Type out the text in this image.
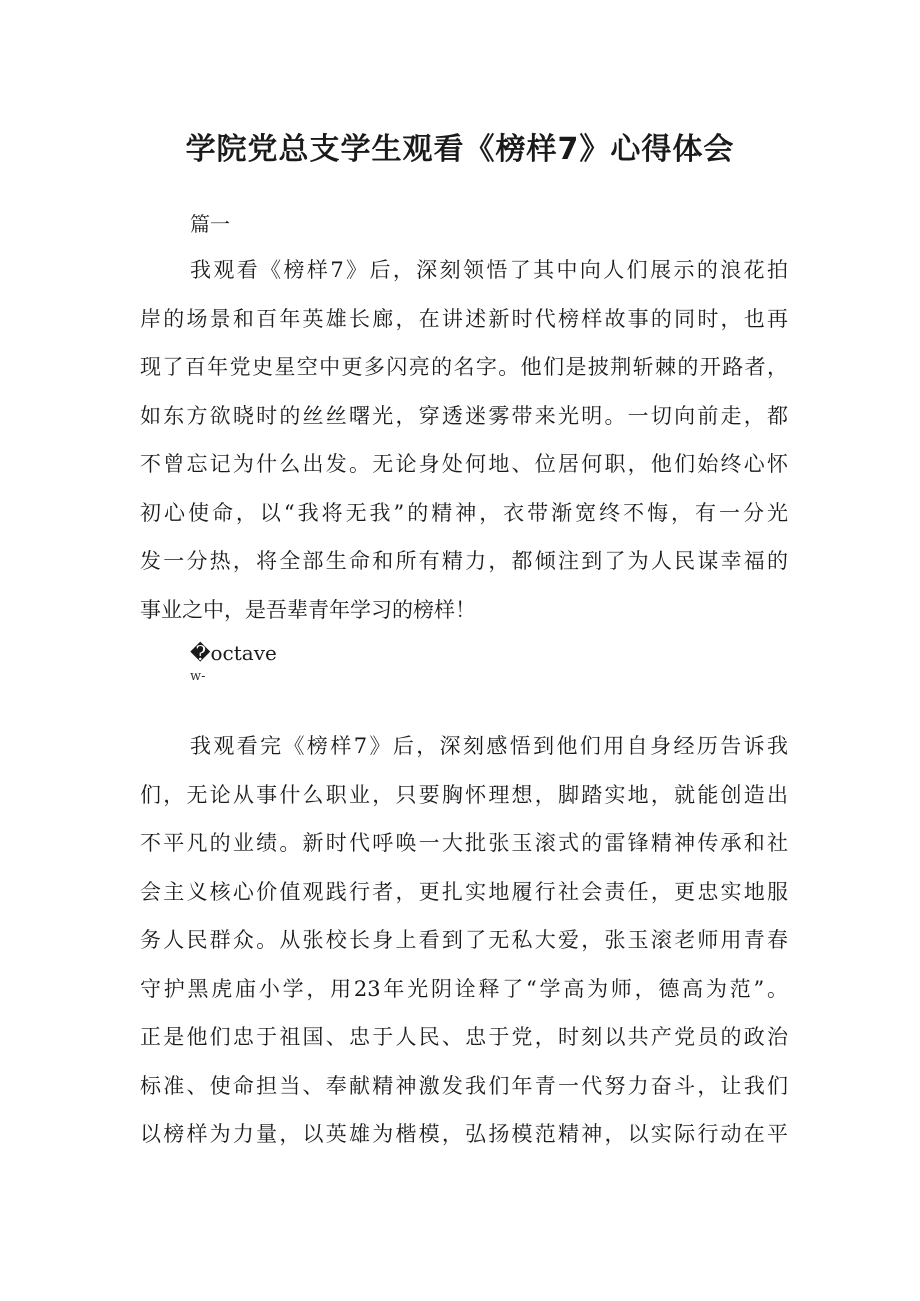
学院党总支学生观看《榜样7》心得体会

篇一

我观看《榜样7》后，深刻领悟了其中向人们展示的浪花拍
岸的场景和百年英雄长廊，在讲述新时代榜样故事的同时，也再
现了百年党史星空中更多闪亮的名字。他们是披荆斩棘的开路者，
如东方欲晓时的丝丝曙光，穿透迷雾带来光明。一切向前走，都
不曾忘记为什么出发。无论身处何地、位居何职，他们始终心怀
初心使命，以“我将无我”的精神，衣带渐宽终不悔，有一分光
发一分热，将全部生命和所有精力，都倾注到了为人民谋幸福的
事业之中，是吾辈青年学习的榜样！

�octave

w-

我观看完《榜样7》后，深刻感悟到他们用自身经历告诉我
们，无论从事什么职业，只要胸怀理想，脚踏实地，就能创造出
不平凡的业绩。新时代呼唤一大批张玉滚式的雷锋精神传承和社
会主义核心价值观践行者，更扎实地履行社会责任，更忠实地服
务人民群众。从张校长身上看到了无私大爱，张玉滚老师用青春
守护黑虎庙小学，用23年光阴诠释了“学高为师，德高为范”。
正是他们忠于祖国、忠于人民、忠于党，时刻以共产党员的政治
标准、使命担当、奉献精神激发我们年青一代努力奋斗，让我们
以榜样为力量，以英雄为楷模，弘扬模范精神，以实际行动在平
